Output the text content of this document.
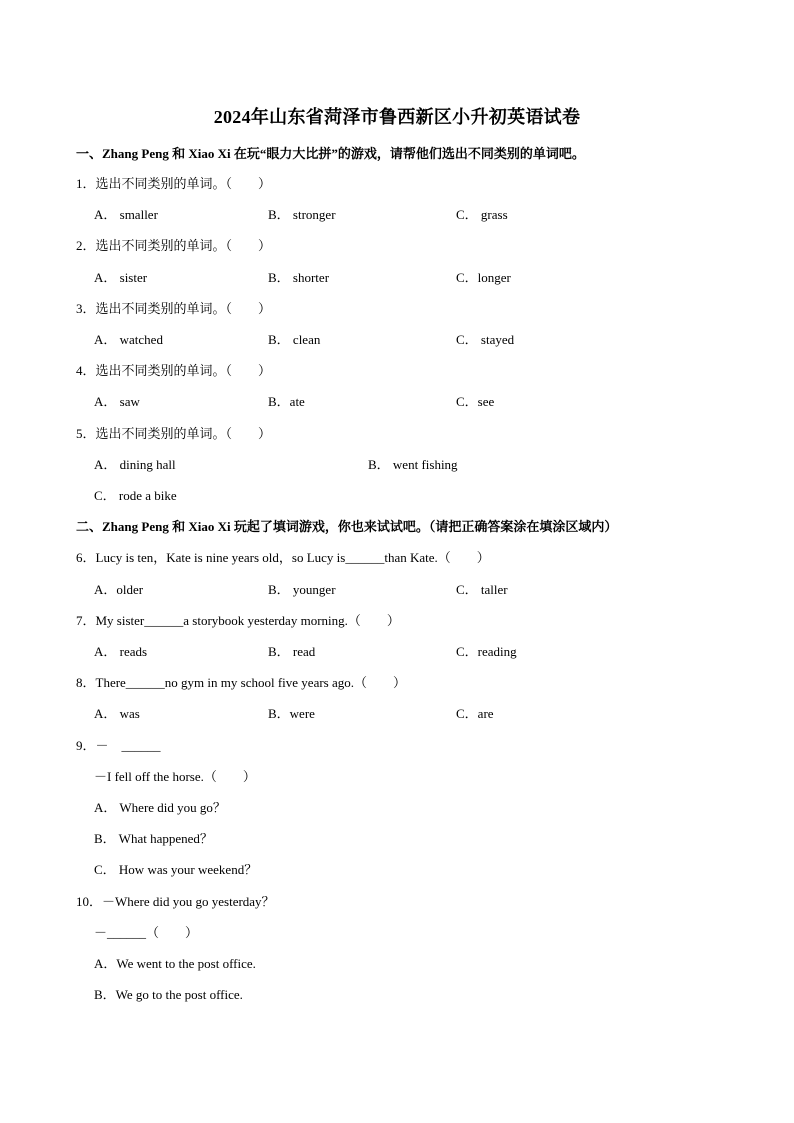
2024年山东省菏泽市鲁西新区小升初英语试卷
一、Zhang Peng 和 Xiao Xi 在玩“眼力大比拼”的游戏，请帮他们选出不同类别的单词吧。
1．选出不同类别的单词。（　　）
A． smaller	B． stronger	C． grass
2．选出不同类别的单词。（　　）
A． sister	B． shorter	C．longer
3．选出不同类别的单词。（　　）
A． watched	B． clean	C． stayed
4．选出不同类别的单词。（　　）
A． saw	B．ate	C．see
5．选出不同类别的单词。（　　）
A． dining hall	B． went fishing
C． rode a bike
二、Zhang Peng 和 Xiao Xi 玩起了填词游戏，你也来试试吧。（请把正确答案涂在填涂区域内）
6．Lucy is ten，Kate is nine years old，so Lucy is______than Kate.（　　）
A．older	B． younger	C． taller
7．My sister______a storybook yesterday morning.（　　）
A． reads	B． read	C．reading
8．There______no gym in my school five years ago.（　　）
A． was	B．were	C．are
9．－　______
－I fell off the horse.（　　）
A． Where did you go？
B． What happened？
C． How was your weekend？
10．－Where did you go yesterday？
－______（　　）
A．We went to the post office.
B．We go to the post office.
